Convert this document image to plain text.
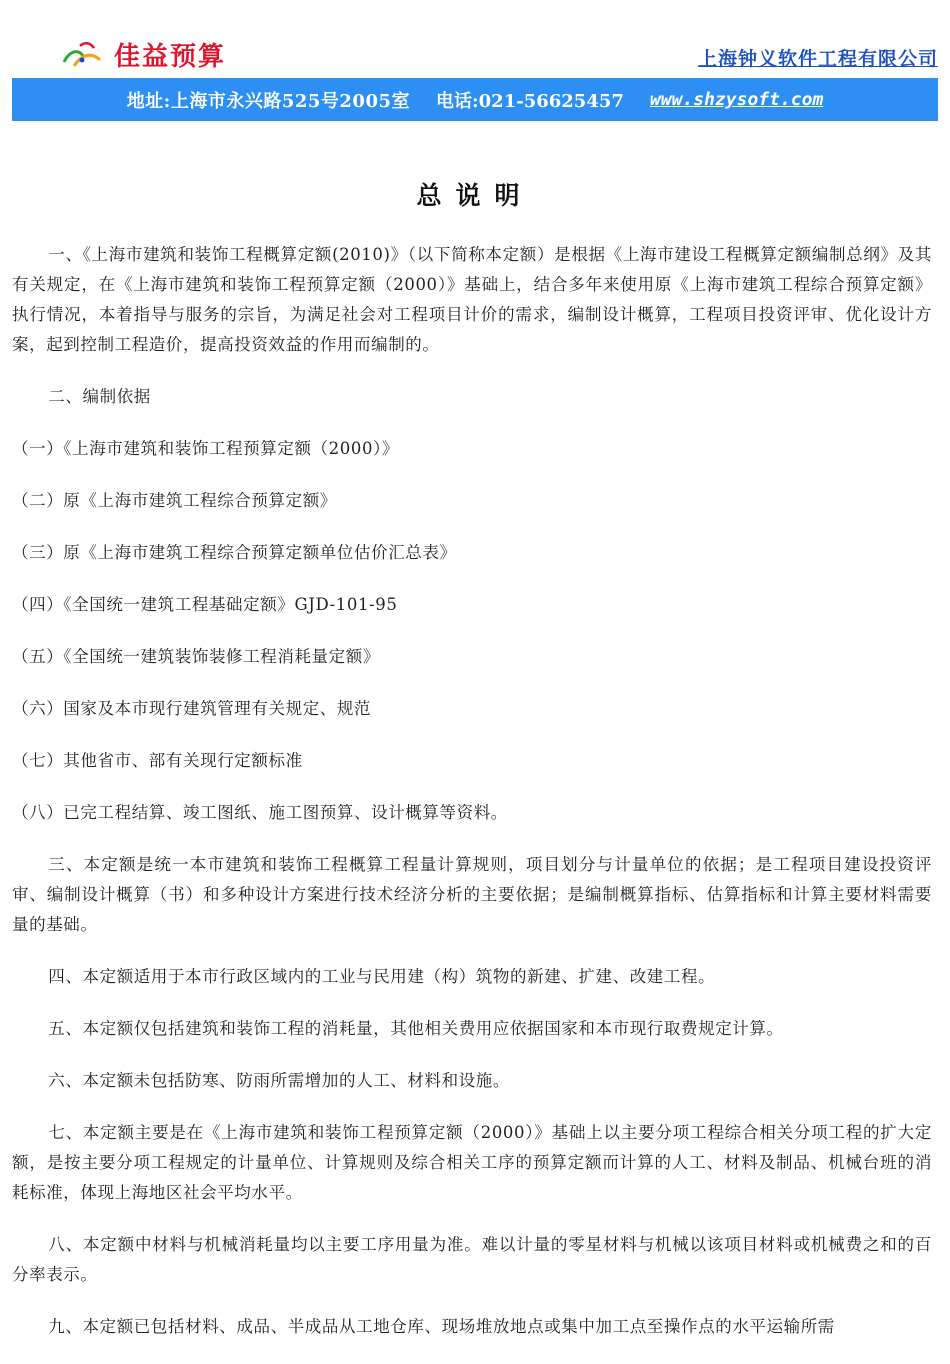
佳益预算	上海钟义软件工程有限公司
地址:上海市永兴路525号2005室 电话:021-56625457 www.shzysoft.com
总说明

一、《上海市建筑和装饰工程概算定额(2010)》（以下简称本定额）是根据《上海市建设工程概算定额编制总纲》及其有关规定，在《上海市建筑和装饰工程预算定额（2000）》基础上，结合多年来使用原《上海市建筑工程综合预算定额》执行情况，本着指导与服务的宗旨，为满足社会对工程项目计价的需求，编制设计概算，工程项目投资评审、优化设计方案，起到控制工程造价，提高投资效益的作用而编制的。

二、编制依据

（一）《上海市建筑和装饰工程预算定额（2000）》

（二）原《上海市建筑工程综合预算定额》

（三）原《上海市建筑工程综合预算定额单位估价汇总表》

（四）《全国统一建筑工程基础定额》GJD-101-95

（五）《全国统一建筑装饰装修工程消耗量定额》

（六）国家及本市现行建筑管理有关规定、规范

（七）其他省市、部有关现行定额标准

（八）已完工程结算、竣工图纸、施工图预算、设计概算等资料。

三、本定额是统一本市建筑和装饰工程概算工程量计算规则，项目划分与计量单位的依据；是工程项目建设投资评审、编制设计概算（书）和多种设计方案进行技术经济分析的主要依据；是编制概算指标、估算指标和计算主要材料需要量的基础。

四、本定额适用于本市行政区域内的工业与民用建（构）筑物的新建、扩建、改建工程。

五、本定额仅包括建筑和装饰工程的消耗量，其他相关费用应依据国家和本市现行取费规定计算。

六、本定额未包括防寒、防雨所需增加的人工、材料和设施。

七、本定额主要是在《上海市建筑和装饰工程预算定额（2000）》基础上以主要分项工程综合相关分项工程的扩大定额，是按主要分项工程规定的计量单位、计算规则及综合相关工序的预算定额而计算的人工、材料及制品、机械台班的消耗标准，体现上海地区社会平均水平。

八、本定额中材料与机械消耗量均以主要工序用量为准。难以计量的零星材料与机械以该项目材料或机械费之和的百分率表示。

九、本定额已包括材料、成品、半成品从工地仓库、现场堆放地点或集中加工点至操作点的水平运输所需
